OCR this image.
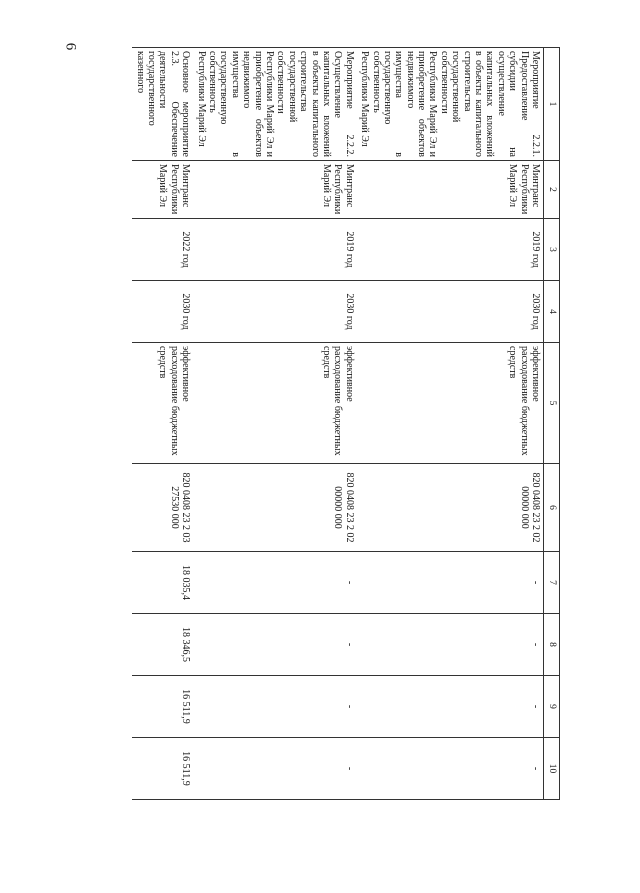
6
1	2	3	4	5	6	7	8	9	10
Мероприятие 2.2.1. Предоставление субсидии на осуществление капитальных вложений в объекты капитального строительства государственной собственности Республики Марий Эл и приобретение объектов недвижимого имущества в государственную собственность Республики Марий Эл	Минтранс Республики Марий Эл	2019 год	2030 год	эффективное расходование бюджетных средств	820 0408 23 2 02 00000 000	-	-	-	-
Мероприятие 2.2.2. Осуществление капитальных вложений в объекты капитального строительства государственной собственности Республики Марий Эл и приобретение объектов недвижимого имущества в государственную собственность Республики Марий Эл	Минтранс Республики Марий Эл	2019 год	2030 год	эффективное расходование бюджетных средств	820 0408 23 2 02 00000 000	-	-	-	-
Основное мероприятие 2.3. Обеспечение деятельности государственного казенного	Минтранс Республики Марий Эл	2022 год	2030 год	эффективное расходование бюджетных средств	820 0408 23 2 03 27530 000	18 035,4	18 346,5	16 511,9	16 511,9
